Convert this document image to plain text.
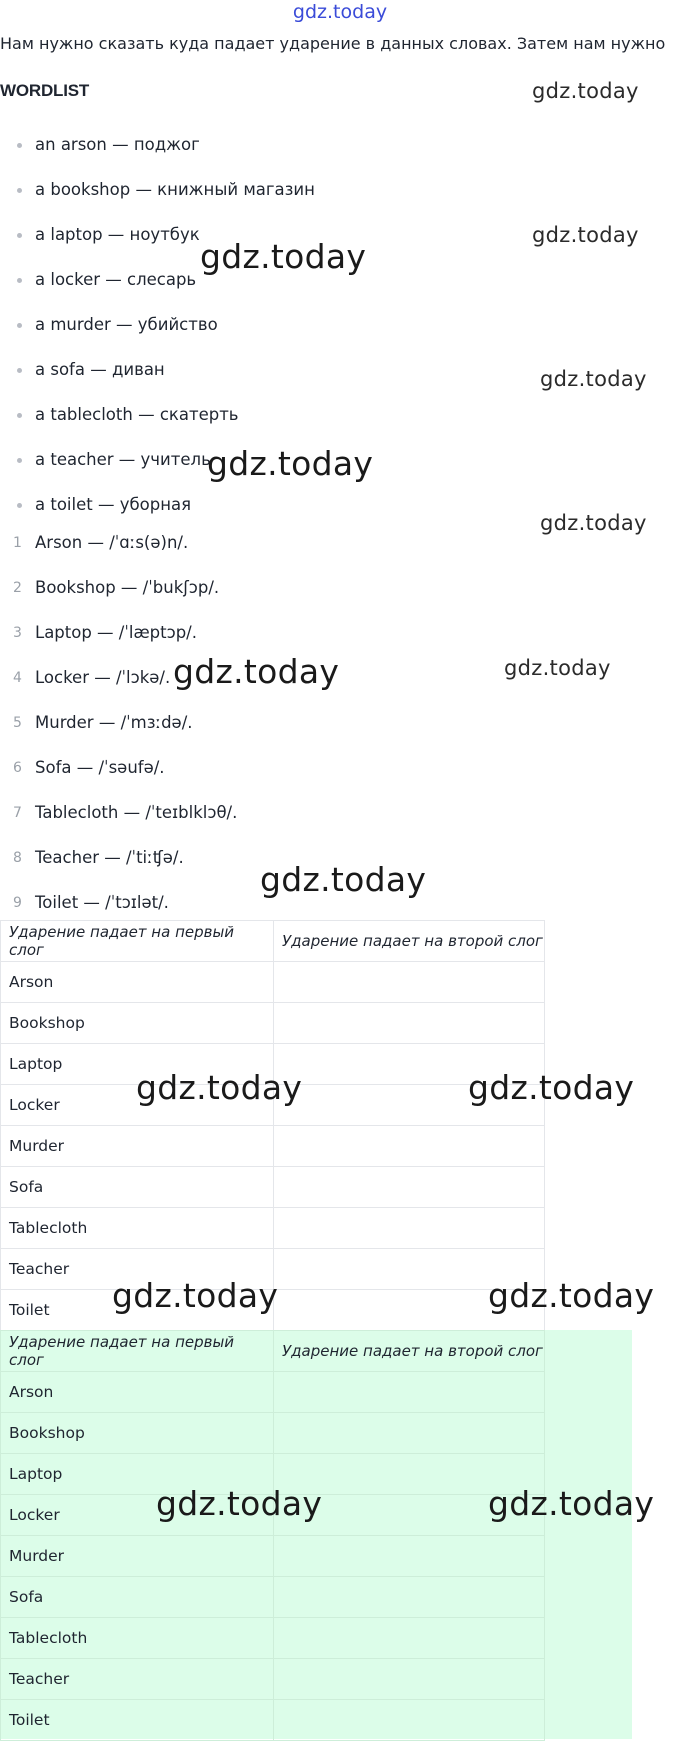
gdz.today
Нам нужно сказать куда падает ударение в данных словах. Затем нам нужно
WORDLIST
an arson — поджог
a bookshop — книжный магазин
a laptop — ноутбук
a locker — слесарь
a murder — убийство
a sofa — диван
a tablecloth — скатерть
a teacher — учитель
a toilet — уборная
1 Arson — /ˈɑːs(ə)n/.
2 Bookshop — /ˈbukʃɔp/.
3 Laptop — /ˈlæptɔp/.
4 Locker — /ˈlɔkə/.
5 Murder — /ˈmɜːdə/.
6 Sofa — /ˈsəufə/.
7 Tablecloth — /ˈteɪblklɔθ/.
8 Teacher — /ˈtiːʧə/.
9 Toilet — /ˈtɔɪlət/.
Ударение падает на первый слог	Ударение падает на второй слог
Arson	
Bookshop	
Laptop	
Locker	
Murder	
Sofa	
Tablecloth	
Teacher	
Toilet	
Ударение падает на первый слог	Ударение падает на второй слог
Arson	
Bookshop	
Laptop	
Locker	
Murder	
Sofa	
Tablecloth	
Teacher	
Toilet	
gdz.today
gdz.today
gdz.today
gdz.today
gdz.today
gdz.today
gdz.today	gdz.today
gdz.today
gdz.today	gdz.today
gdz.today	gdz.today
gdz.today	gdz.today
